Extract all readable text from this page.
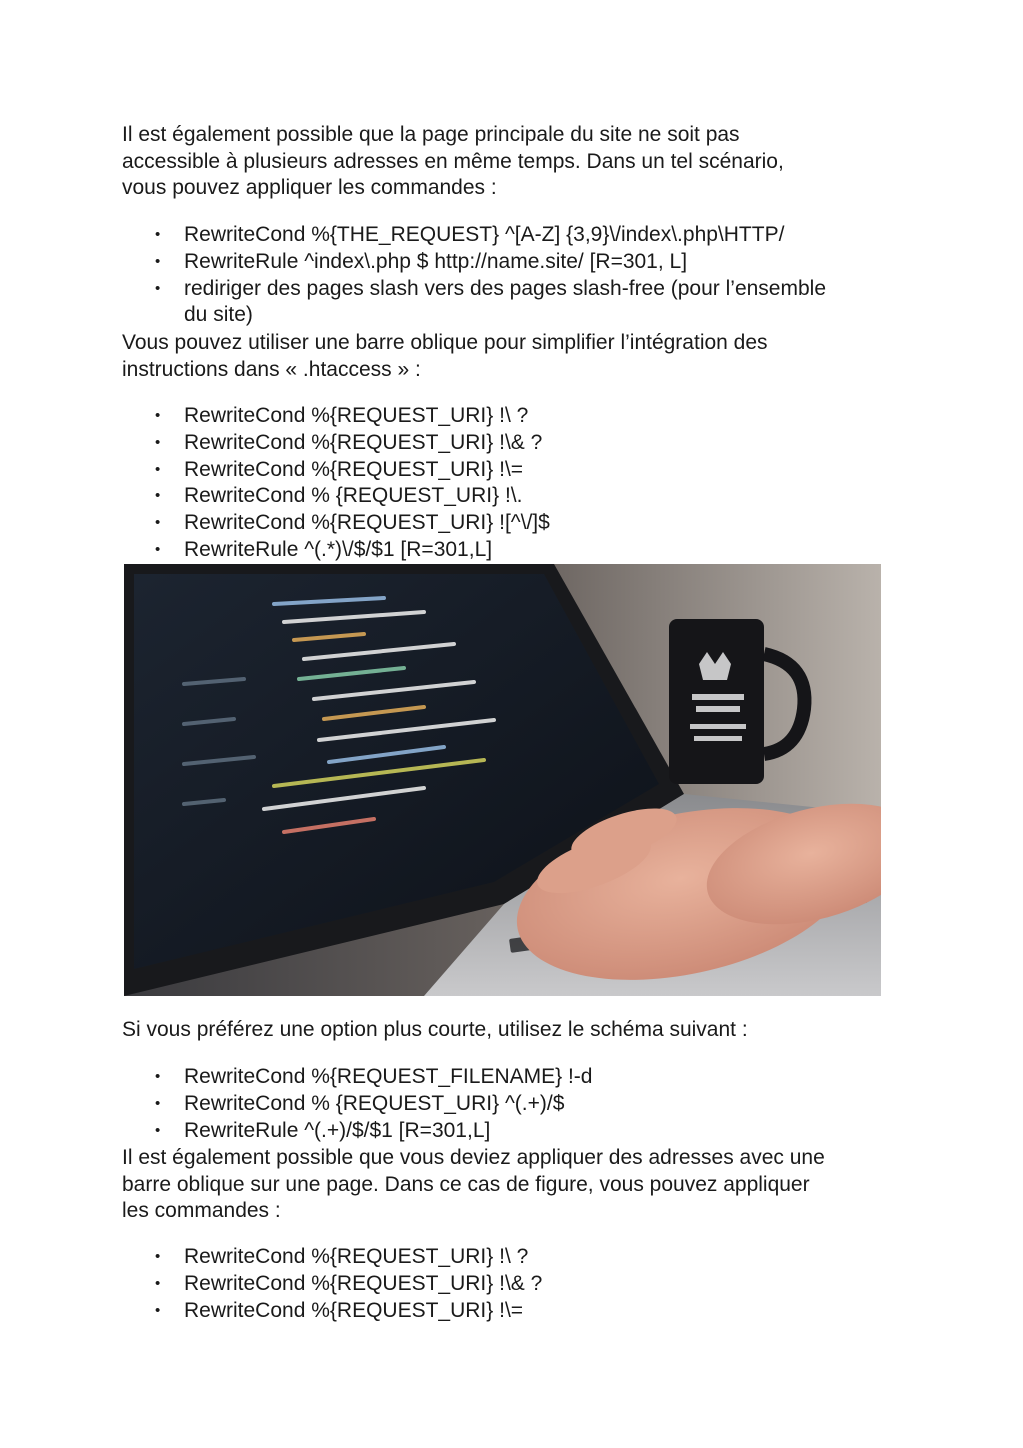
Il est également possible que la page principale du site ne soit pas
accessible à plusieurs adresses en même temps. Dans un tel scénario,
vous pouvez appliquer les commandes :
• RewriteCond %{THE_REQUEST} ^[A-Z] {3,9}\/index\.php\HTTP/
• RewriteRule ^index\.php $ http://name.site/ [R=301, L]
• rediriger des pages slash vers des pages slash-free (pour l’ensemble
du site)
Vous pouvez utiliser une barre oblique pour simplifier l’intégration des
instructions dans « .htaccess » :
• RewriteCond %{REQUEST_URI} !\ ?
• RewriteCond %{REQUEST_URI} !\& ?
• RewriteCond %{REQUEST_URI} !\=
• RewriteCond % {REQUEST_URI} !\.
• RewriteCond %{REQUEST_URI} ![^\/]$
• RewriteRule ^(.*)\/$/$1 [R=301,L]
Si vous préférez une option plus courte, utilisez le schéma suivant :
• RewriteCond %{REQUEST_FILENAME} !-d
• RewriteCond % {REQUEST_URI} ^(.+)/$
• RewriteRule ^(.+)/$/$1 [R=301,L]
Il est également possible que vous deviez appliquer des adresses avec une
barre oblique sur une page. Dans ce cas de figure, vous pouvez appliquer
les commandes :
• RewriteCond %{REQUEST_URI} !\ ?
• RewriteCond %{REQUEST_URI} !\& ?
• RewriteCond %{REQUEST_URI} !\=
